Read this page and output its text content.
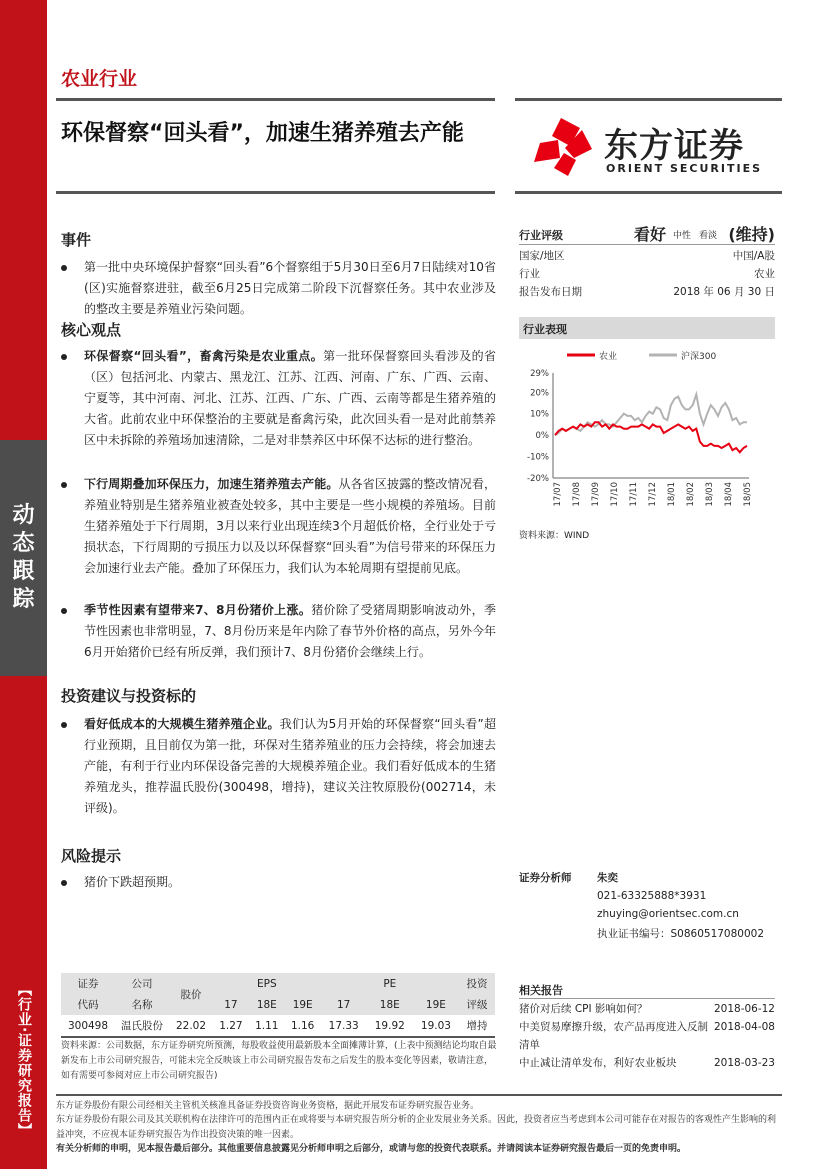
动态跟踪
【行业·证券研究报告】
农业行业
环保督察“回头看”，加速生猪养殖去产能	东方证券
ORIENT SECURITIES
事件
第一批中央环境保护督察“回头看”6个督察组于5月30日至6月7日陆续对10省(区)实施督察进驻，截至6月25日完成第二阶段下沉督察任务。其中农业涉及的整改主要是养殖业污染问题。
核心观点
环保督察“回头看”，畜禽污染是农业重点。第一批环保督察回头看涉及的省（区）包括河北、内蒙古、黑龙江、江苏、江西、河南、广东、广西、云南、宁夏等，其中河南、河北、江苏、江西、广东、广西、云南等都是生猪养殖的大省。此前农业中环保整治的主要就是畜禽污染，此次回头看一是对此前禁养区中未拆除的养殖场加速清除，二是对非禁养区中环保不达标的进行整治。
下行周期叠加环保压力，加速生猪养殖去产能。从各省区披露的整改情况看，养殖业特别是生猪养殖业被查处较多，其中主要是一些小规模的养殖场。目前生猪养殖处于下行周期，3月以来行业出现连续3个月超低价格，全行业处于亏损状态，下行周期的亏损压力以及以环保督察“回头看”为信号带来的环保压力会加速行业去产能。叠加了环保压力，我们认为本轮周期有望提前见底。
季节性因素有望带来7、8月份猪价上涨。猪价除了受猪周期影响波动外，季节性因素也非常明显，7、8月份历来是年内除了春节外价格的高点，另外今年6月开始猪价已经有所反弹，我们预计7、8月份猪价会继续上行。
投资建议与投资标的
看好低成本的大规模生猪养殖企业。我们认为5月开始的环保督察“回头看”超行业预期，且目前仅为第一批，环保对生猪养殖业的压力会持续，将会加速去产能，有利于行业内环保设备完善的大规模养殖企业。我们看好低成本的生猪养殖龙头，推荐温氏股份(300498，增持)，建议关注牧原股份(002714，未评级)。
风险提示
猪价下跌超预期。
行业评级	看好 中性 看淡 (维持)
国家/地区	中国/A股
行业	农业
报告发布日期	2018 年 06 月 30 日
行业表现
农业	沪深300
29%
20%
10%
0%
-10%
-20%
17/07 17/08 17/09 17/10 17/11 17/12 18/01 18/02 18/03 18/04 18/05
资料来源：WIND
证券分析师 朱奕
021-63325888*3931
zhuying@orientsec.com.cn
执业证书编号：S0860517080002
证券	公司	股价	EPS			PE			投资
代码	名称		17	18E	19E	17	18E	19E	评级
300498	温氏股份	22.02	1.27	1.11	1.16	17.33	19.92	19.03	增持
资料来源：公司数据，东方证券研究所预测，每股收益使用最新股本全面摊薄计算，(上表中预测结论均取自最新发布上市公司研究报告，可能未完全反映该上市公司研究报告发布之后发生的股本变化等因素，敬请注意，如有需要可参阅对应上市公司研究报告)
相关报告
猪价对后续 CPI 影响如何？	2018-06-12
中美贸易摩擦升级，农产品再度进入反制清单
2018-04-08
中止减让清单发布，利好农业板块	2018-03-23
东方证券股份有限公司经相关主管机关核准具备证券投资咨询业务资格，据此开展发布证券研究报告业务。
东方证券股份有限公司及其关联机构在法律许可的范围内正在或将要与本研究报告所分析的企业发展业务关系。因此，投资者应当考虑到本公司可能存在对报告的客观性产生影响的利益冲突，不应视本证券研究报告为作出投资决策的唯一因素。
有关分析师的申明，见本报告最后部分。其他重要信息披露见分析师申明之后部分，或请与您的投资代表联系。并请阅读本证券研究报告最后一页的免责申明。
